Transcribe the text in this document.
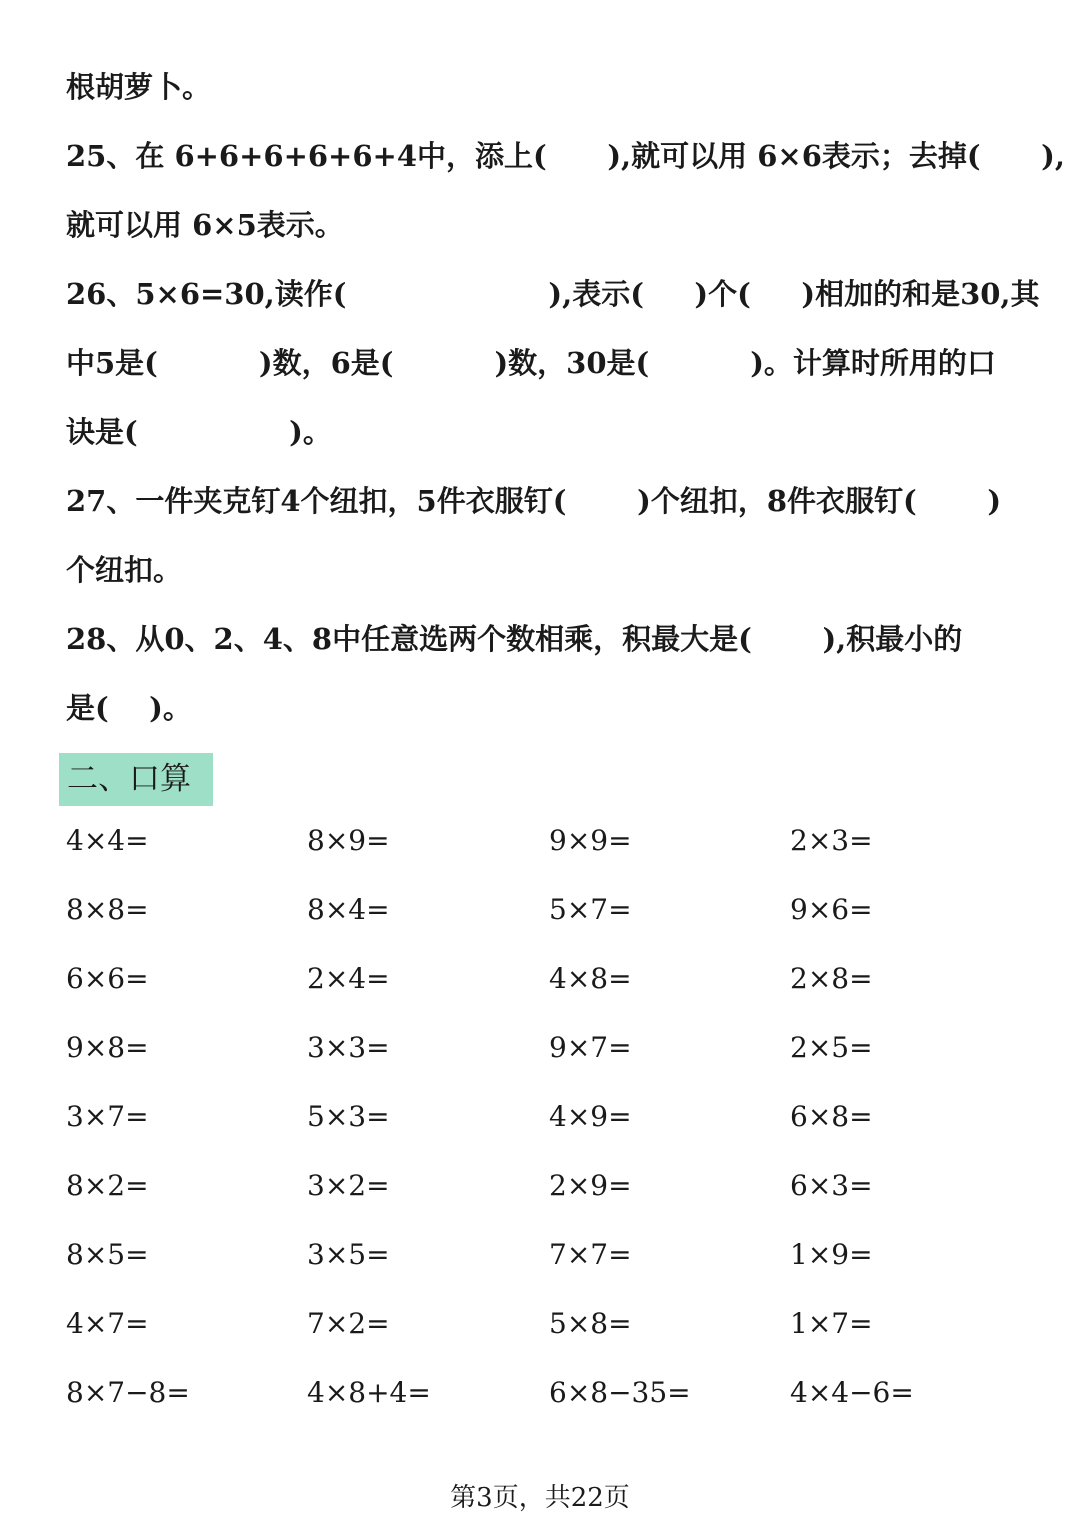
根胡萝卜。
25、在 6+6+6+6+6+4中，添上(      ),就可以用 6×6表示；去掉(      ),
就可以用 6×5表示。
26、5×6=30,读作(                    ),表示(     )个(     )相加的和是30,其
中5是(          )数，6是(          )数，30是(          )。计算时所用的口
诀是(               )。
27、一件夹克钉4个纽扣，5件衣服钉(       )个纽扣，8件衣服钉(       )
个纽扣。
28、从0、2、4、8中任意选两个数相乘，积最大是(       ),积最小的
是(    )。
二、口算
4×4=	8×9=	9×9=	2×3=
8×8=	8×4=	5×7=	9×6=
6×6=	2×4=	4×8=	2×8=
9×8=	3×3=	9×7=	2×5=
3×7=	5×3=	4×9=	6×8=
8×2=	3×2=	2×9=	6×3=
8×5=	3×5=	7×7=	1×9=
4×7=	7×2=	5×8=	1×7=
8×7−8=	4×8+4=	6×8−35=	4×4−6=
第3页，共22页
